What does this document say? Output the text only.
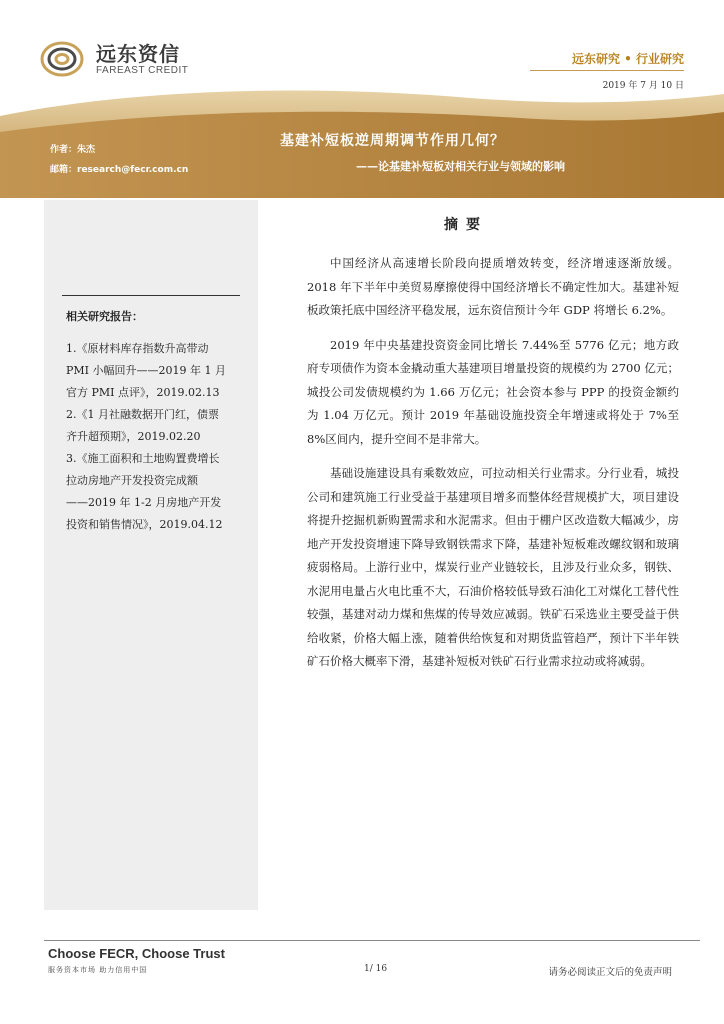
远东资信
FAREAST CREDIT
远东研究 • 行业研究
2019 年 7 月 10 日
基建补短板逆周期调节作用几何？
——论基建补短板对相关行业与领域的影响
作者：朱杰
邮箱：research@fecr.com.cn
相关研究报告：
1.《原材料库存指数升高带动
PMI 小幅回升——2019 年 1 月
官方 PMI 点评》，2019.02.13
2.《1 月社融数据开门红，债票
齐升超预期》，2019.02.20
3.《施工面积和土地购置费增长
拉动房地产开发投资完成额
——2019 年 1-2 月房地产开发
投资和销售情况》，2019.04.12
摘要

中国经济从高速增长阶段向提质增效转变，经济增速逐渐放缓。2018 年下半年中美贸易摩擦使得中国经济增长不确定性加大。基建补短板政策托底中国经济平稳发展，远东资信预计今年 GDP 将增长 6.2%。

2019 年中央基建投资资金同比增长 7.44%至 5776 亿元；地方政府专项债作为资本金撬动重大基建项目增量投资的规模约为 2700 亿元；城投公司发债规模约为 1.66 万亿元；社会资本参与 PPP 的投资金额约为 1.04 万亿元。预计 2019 年基础设施投资全年增速或将处于 7%至 8%区间内，提升空间不是非常大。

基础设施建设具有乘数效应，可拉动相关行业需求。分行业看，城投公司和建筑施工行业受益于基建项目增多而整体经营规模扩大，项目建设将提升挖掘机新购置需求和水泥需求。但由于棚户区改造数大幅减少，房地产开发投资增速下降导致钢铁需求下降，基建补短板难改螺纹钢和玻璃疲弱格局。上游行业中，煤炭行业产业链较长，且涉及行业众多，钢铁、水泥用电量占火电比重不大，石油价格较低导致石油化工对煤化工替代性较强，基建对动力煤和焦煤的传导效应减弱。铁矿石采选业主要受益于供给收紧，价格大幅上涨，随着供给恢复和对期货监管趋严，预计下半年铁矿石价格大概率下滑，基建补短板对铁矿石行业需求拉动或将减弱。

Choose FECR, Choose Trust
服务资本市场 助力信用中国	1/ 16	请务必阅读正文后的免责声明
